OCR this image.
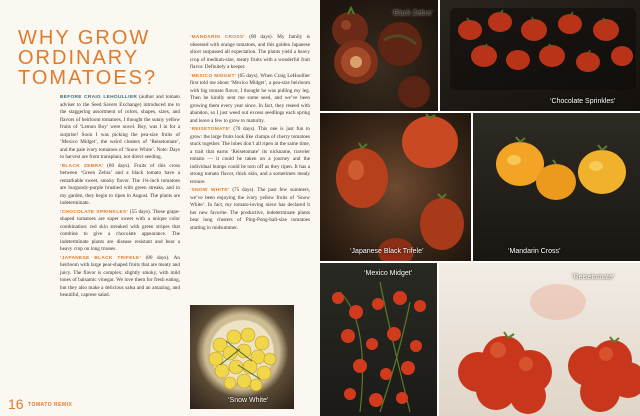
WHY GROW
ORDINARY
TOMATOES?

BEFORE CRAIG LEHOULLIER (author and tomato adviser to the Seed Savers Exchange) introduced me to the staggering assortment of colors, shapes, sizes, and flavors of heirloom tomatoes, I thought the sunny yellow fruits of ‘Lemon Boy’ were novel. Boy, was I in for a surprise! Soon I was picking the pea-size fruits of ‘Mexico Midget’, the weird clusters of ‘Reisetomate’, and the pale ivory tomatoes of ‘Snow White’. Note: Days to harvest are from transplant, not direct seeding.

‘BLACK ZEBRA’ (80 days). Fruits of this cross between ‘Green Zebra’ and a black tomato have a remarkable sweet, smoky flavor. The 1¾-inch tomatoes are burgundy-purple brushed with green streaks, and in my garden, they begin to ripen in August. The plants are indeterminate.

‘CHOCOLATE SPRINKLES’ (55 days). These grape-shaped tomatoes are super sweet with a unique color combination: red skin streaked with green stripes that combine to give a chocolate appearance. The indeterminate plants are disease resistant and bear a heavy crop on long trusses.

‘JAPANESE BLACK TRIFELE’ (80 days). An heirloom with large pear-shaped fruits that are meaty and juicy. The flavor is complex; slightly smoky, with mild tones of balsamic vinegar. We love them for fresh eating, but they also make a delicious salsa and an amazing, and beautiful, caprese salad.

‘MANDARIN CROSS’ (80 days). My family is obsessed with orange tomatoes, and this golden Japanese slicer surpassed all expectation. The plants yield a heavy crop of medium-size, meaty fruits with a wonderful fruit flavor. Definitely a keeper.

‘MEXICO MIDGET’ (65 days). When Craig LeHoullier first told me about ‘Mexico Midget’, a pea-size heirloom with big tomato flavor, I thought he was pulling my leg. Then he kindly sent me some seed, and we’ve been growing them every year since. In fact, they reseed with abandon, so I just weed out excess seedlings each spring and leave a few to grow to maturity.

‘REISETOMATE’ (70 days). This one is just fun to grow: the large fruits look like clumps of cherry tomatoes stuck together. The lobes don’t all ripen at the same time, a trait that earns ‘Reisetomate’ its nickname, traveler tomato — it could be taken on a journey and the individual bumps could be torn off as they ripen. It has a strong tomato flavor, thick skin, and a sometimes mealy texture.

‘SNOW WHITE’ (75 days). The past few summers, we’ve been enjoying the ivory yellow fruits of ‘Snow White’. In fact, my tomato-loving niece has declared it her new favorite. The productive, indeterminate plants bear long clusters of Ping-Pong-ball-size tomatoes starting in midsummer.

16 TOMATO REMIX
‘Snow White’
‘Black Zebra’
‘Chocolate Sprinkles’
‘Japanese Black Trifele’	‘Mandarin Cross’
‘Mexico Midget’
‘Reisetomate’
